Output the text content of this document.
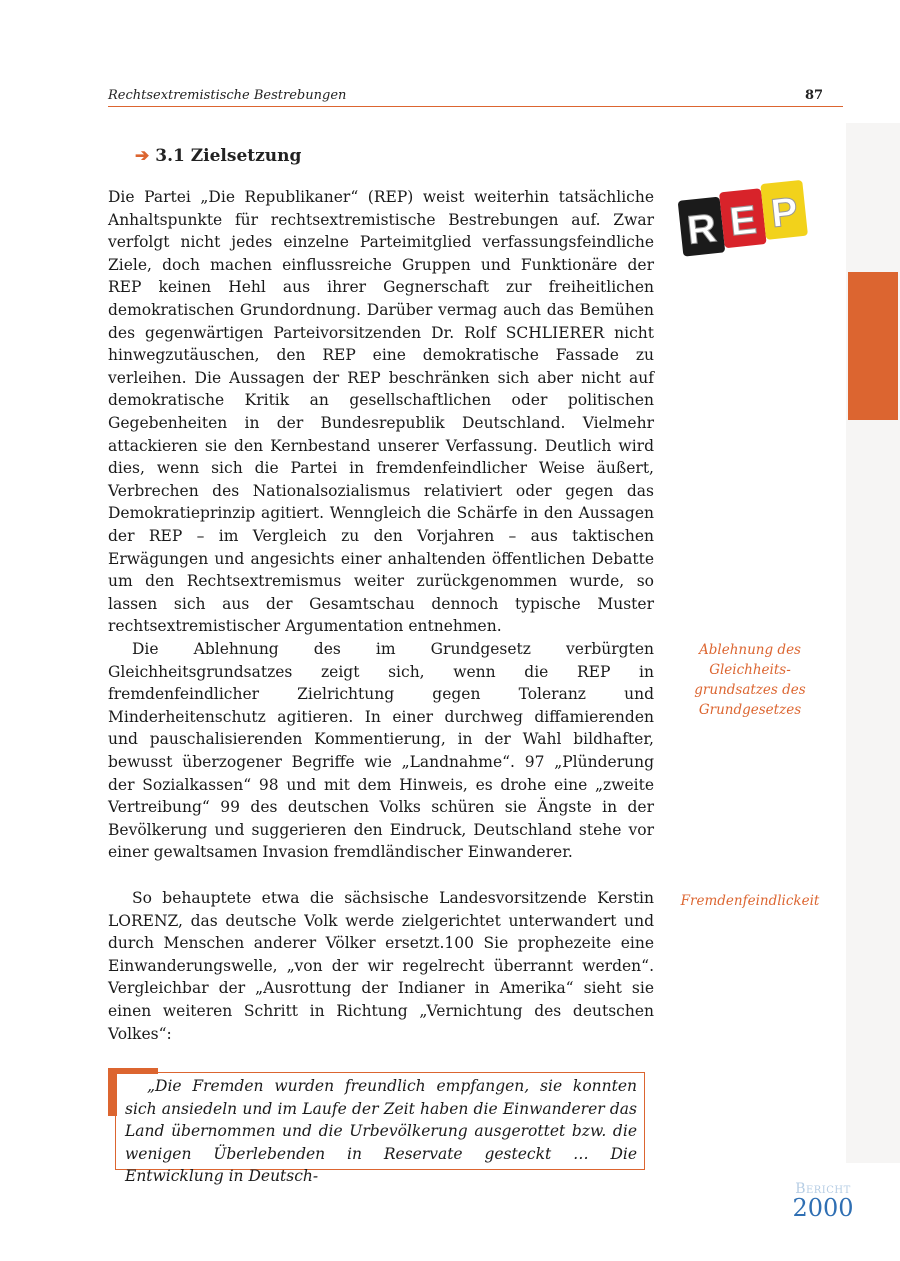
Rechtsextremistische Bestrebungen	87
➔ 3.1 Zielsetzung
R E P
Die Partei „Die Republikaner“ (REP) weist weiterhin tatsächliche Anhaltspunkte für rechtsextremistische Bestrebungen auf. Zwar verfolgt nicht jedes einzelne Parteimitglied verfassungsfeindliche Ziele, doch machen einflussreiche Gruppen und Funktionäre der REP keinen Hehl aus ihrer Gegnerschaft zur freiheitlichen demokratischen Grundordnung. Darüber vermag auch das Bemühen des gegenwärtigen Parteivorsitzenden Dr. Rolf SCHLIERER nicht hinwegzutäuschen, den REP eine demokratische Fassade zu verleihen. Die Aussagen der REP beschränken sich aber nicht auf demokratische Kritik an gesellschaftlichen oder politischen Gegebenheiten in der Bundesrepublik Deutschland. Vielmehr attackieren sie den Kernbestand unserer Verfassung. Deutlich wird dies, wenn sich die Partei in fremdenfeindlicher Weise äußert, Verbrechen des Nationalsozialismus relativiert oder gegen das Demokratieprinzip agitiert. Wenngleich die Schärfe in den Aussagen der REP – im Vergleich zu den Vorjahren – aus taktischen Erwägungen und angesichts einer anhaltenden öffentlichen Debatte um den Rechtsextremismus weiter zurückgenommen wurde, so lassen sich aus der Gesamtschau dennoch typische Muster rechtsextremistischer Argumentation entnehmen.
Die Ablehnung des im Grundgesetz verbürgten Gleichheitsgrundsatzes zeigt sich, wenn die REP in fremdenfeindlicher Zielrichtung gegen Toleranz und Minderheitenschutz agitieren. In einer durchweg diffamierenden und pauschalisierenden Kommentierung, in der Wahl bildhafter, bewusst überzogener Begriffe wie „Landnahme“. 97 „Plünderung der Sozialkassen“ 98 und mit dem Hinweis, es drohe eine „zweite Vertreibung“ 99 des deutschen Volks schüren sie Ängste in der Bevölkerung und suggerieren den Eindruck, Deutschland stehe vor einer gewaltsamen Invasion fremdländischer Einwanderer.
So behauptete etwa die sächsische Landesvorsitzende Kerstin LORENZ, das deutsche Volk werde zielgerichtet unterwandert und durch Menschen anderer Völker ersetzt.100 Sie prophezeite eine Einwanderungswelle, „von der wir regelrecht überrannt werden“. Vergleichbar der „Ausrottung der Indianer in Amerika“ sieht sie einen weiteren Schritt in Richtung „Vernichtung des deutschen Volkes“:
Ablehnung des Gleichheits-grundsatzes des Grundgesetzes
Fremdenfeindlickeit
„Die Fremden wurden freundlich empfangen, sie konnten sich ansiedeln und im Laufe der Zeit haben die Einwanderer das Land übernommen und die Urbevölkerung ausgerottet bzw. die wenigen Überlebenden in Reservate gesteckt … Die Entwicklung in Deutsch-
Bericht
2000
